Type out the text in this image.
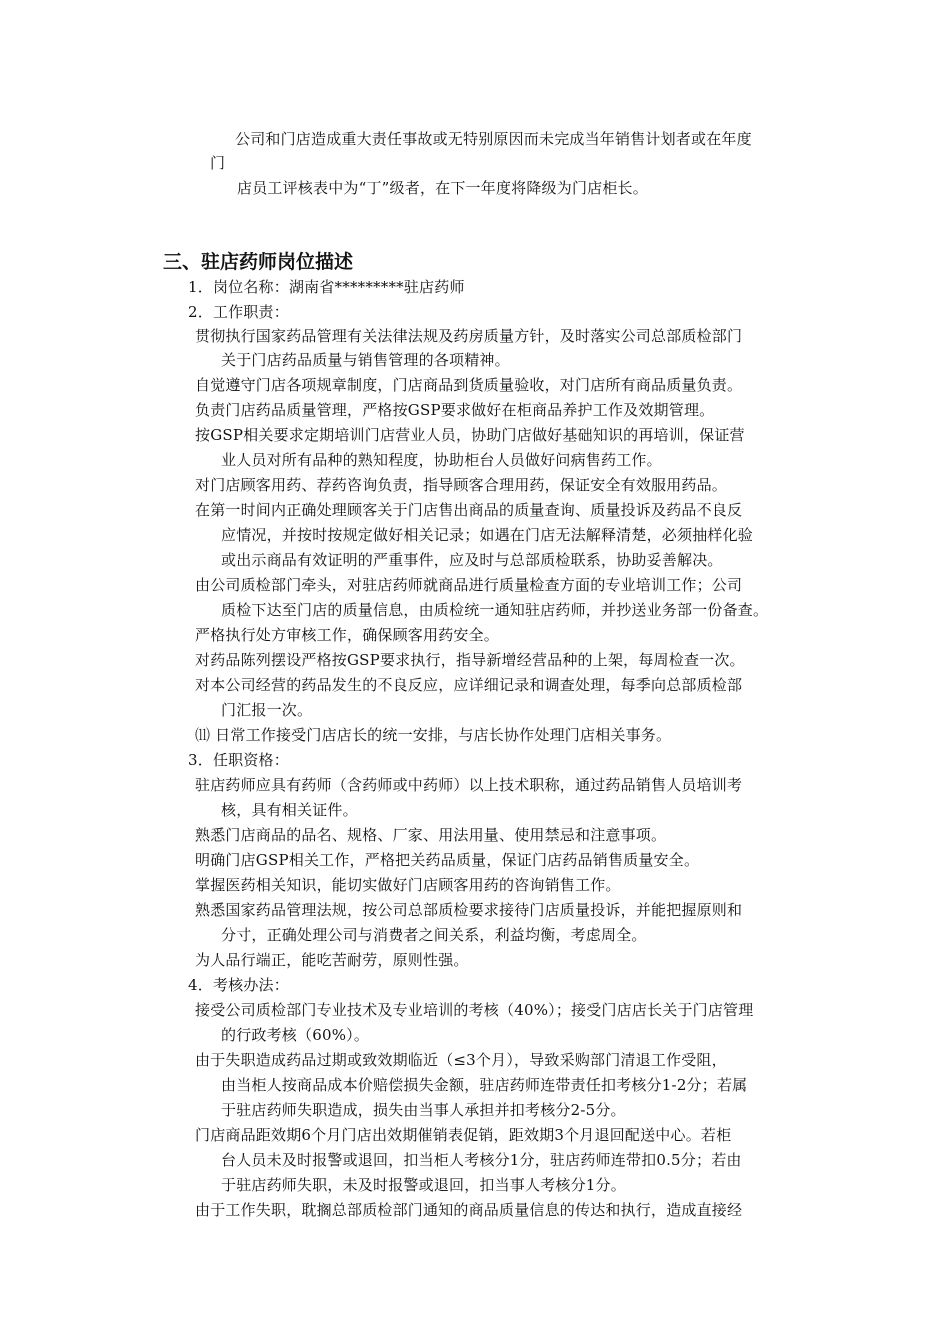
公司和门店造成重大责任事故或无特别原因而未完成当年销售计划者或在年度
门
店员工评核表中为“丁”级者，在下一年度将降级为门店柜长。
三、驻店药师岗位描述
1．岗位名称：湖南省*********驻店药师
2．工作职责：
贯彻执行国家药品管理有关法律法规及药房质量方针，及时落实公司总部质检部门
关于门店药品质量与销售管理的各项精神。
自觉遵守门店各项规章制度，门店商品到货质量验收，对门店所有商品质量负责。
负责门店药品质量管理，严格按GSP要求做好在柜商品养护工作及效期管理。
按GSP相关要求定期培训门店营业人员，协助门店做好基础知识的再培训，保证营
业人员对所有品种的熟知程度，协助柜台人员做好问病售药工作。
对门店顾客用药、荐药咨询负责，指导顾客合理用药，保证安全有效服用药品。
在第一时间内正确处理顾客关于门店售出商品的质量查询、质量投诉及药品不良反
应情况，并按时按规定做好相关记录；如遇在门店无法解释清楚，必须抽样化验
或出示商品有效证明的严重事件，应及时与总部质检联系，协助妥善解决。
由公司质检部门牵头，对驻店药师就商品进行质量检查方面的专业培训工作；公司
质检下达至门店的质量信息，由质检统一通知驻店药师，并抄送业务部一份备查。
严格执行处方审核工作，确保顾客用药安全。
对药品陈列摆设严格按GSP要求执行，指导新增经营品种的上架，每周检查一次。
对本公司经营的药品发生的不良反应，应详细记录和调查处理，每季向总部质检部
门汇报一次。
⑾ 日常工作接受门店店长的统一安排，与店长协作处理门店相关事务。
3．任职资格：
驻店药师应具有药师（含药师或中药师）以上技术职称，通过药品销售人员培训考
核，具有相关证件。
熟悉门店商品的品名、规格、厂家、用法用量、使用禁忌和注意事项。
明确门店GSP相关工作，严格把关药品质量，保证门店药品销售质量安全。
掌握医药相关知识，能切实做好门店顾客用药的咨询销售工作。
熟悉国家药品管理法规，按公司总部质检要求接待门店质量投诉，并能把握原则和
分寸，正确处理公司与消费者之间关系，利益均衡，考虑周全。
为人品行端正，能吃苦耐劳，原则性强。
4．考核办法：
接受公司质检部门专业技术及专业培训的考核（40%）；接受门店店长关于门店管理
的行政考核（60%）。
由于失职造成药品过期或致效期临近（≤3个月），导致采购部门清退工作受阻，
由当柜人按商品成本价赔偿损失金额，驻店药师连带责任扣考核分1-2分；若属
于驻店药师失职造成，损失由当事人承担并扣考核分2-5分。
门店商品距效期6个月门店出效期催销表促销，距效期3个月退回配送中心。若柜
台人员未及时报警或退回，扣当柜人考核分1分，驻店药师连带扣0.5分；若由
于驻店药师失职，未及时报警或退回，扣当事人考核分1分。
由于工作失职，耽搁总部质检部门通知的商品质量信息的传达和执行，造成直接经
